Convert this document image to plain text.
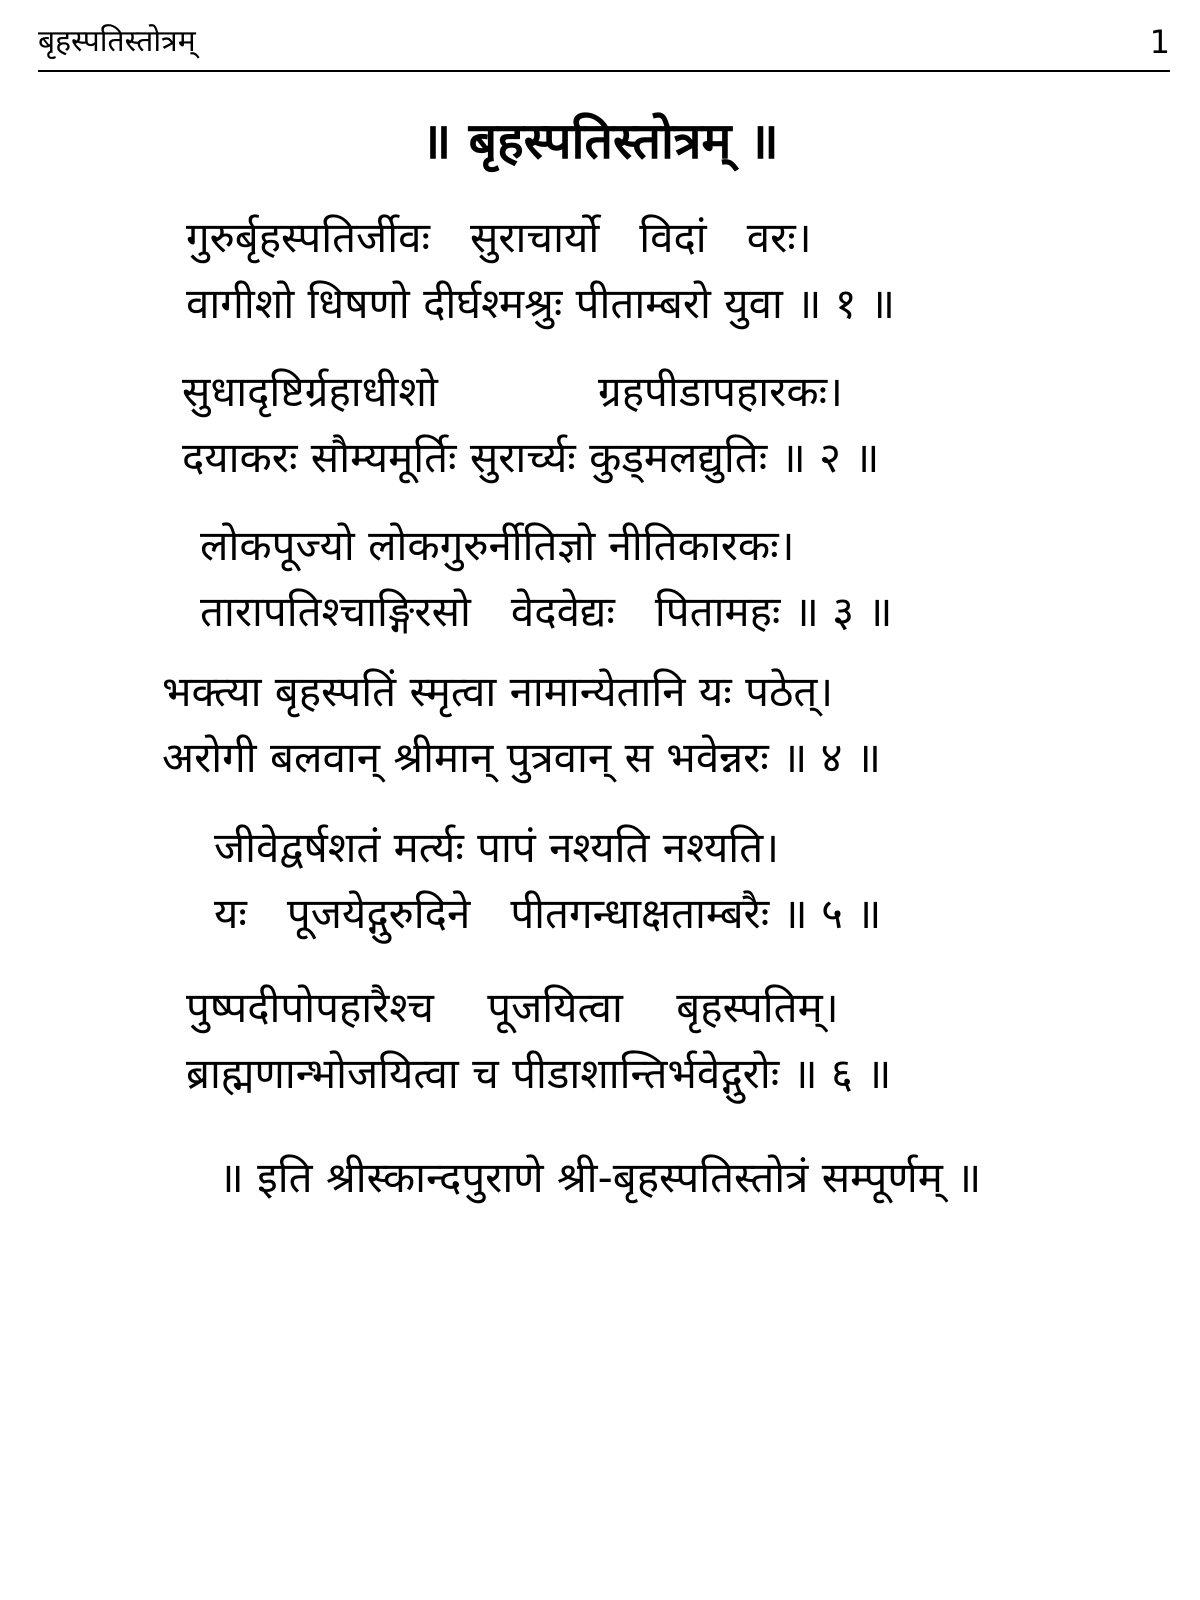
बृहस्पतिस्तोत्रम्	1
॥ बृहस्पतिस्तोत्रम् ॥
गुरुर्बृहस्पतिर्जीवः   सुराचार्यो   विदां   वरः।
वागीशो धिषणो दीर्घश्मश्रुः पीताम्बरो युवा ॥ १ ॥
सुधादृष्टिर्ग्रहाधीशो            ग्रहपीडापहारकः।
दयाकरः सौम्यमूर्तिः सुरार्च्यः कुड्मलद्युतिः ॥ २ ॥
लोकपूज्यो लोकगुरुर्नीतिज्ञो नीतिकारकः।
तारापतिश्चाङ्गिरसो   वेदवेद्यः   पितामहः ॥ ३ ॥
भक्त्या बृहस्पतिं स्मृत्वा नामान्येतानि यः पठेत्।
अरोगी बलवान् श्रीमान् पुत्रवान् स भवेन्नरः ॥ ४ ॥
जीवेद्वर्षशतं मर्त्यः पापं नश्यति नश्यति।
यः   पूजयेद्गुरुदिने   पीतगन्धाक्षताम्बरैः ॥ ५ ॥
पुष्पदीपोपहारैश्च    पूजयित्वा    बृहस्पतिम्।
ब्राह्मणान्भोजयित्वा च पीडाशान्तिर्भवेद्गुरोः ॥ ६ ॥
॥ इति श्रीस्कान्दपुराणे श्री-बृहस्पतिस्तोत्रं सम्पूर्णम् ॥
